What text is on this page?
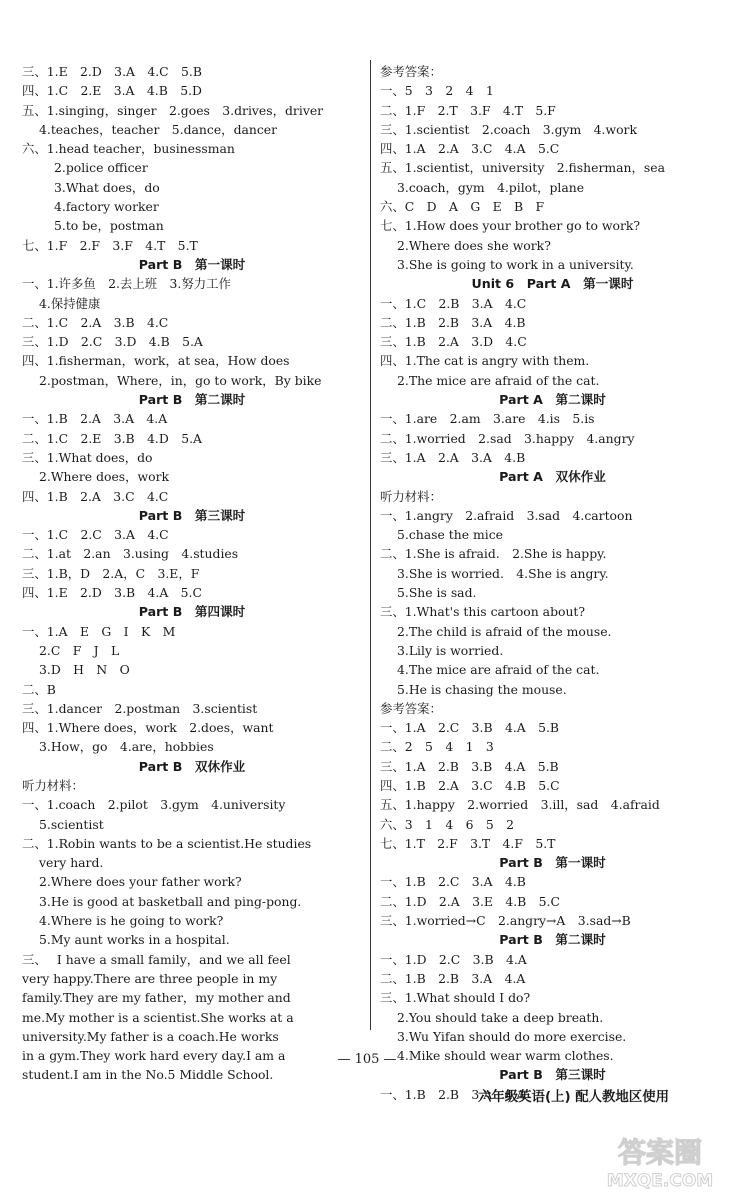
三、1.E　2.D　3.A　4.C　5.B
四、1.C　2.E　3.A　4.B　5.D
五、1.singing，singer　2.goes　3.drives，driver
4.teaches，teacher　5.dance，dancer
六、1.head teacher，businessman
2.police officer
3.What does，do
4.factory worker
5.to be，postman
七、1.F　2.F　3.F　4.T　5.T
Part B　第一课时
一、1.许多鱼　2.去上班　3.努力工作
4.保持健康
二、1.C　2.A　3.B　4.C
三、1.D　2.C　3.D　4.B　5.A
四、1.fisherman，work，at sea，How does
2.postman，Where，in，go to work，By bike
Part B　第二课时
一、1.B　2.A　3.A　4.A
二、1.C　2.E　3.B　4.D　5.A
三、1.What does，do
2.Where does，work
四、1.B　2.A　3.C　4.C
Part B　第三课时
一、1.C　2.C　3.A　4.C
二、1.at　2.an　3.using　4.studies
三、1.B，D　2.A，C　3.E，F
四、1.E　2.D　3.B　4.A　5.C
Part B　第四课时
一、1.A　E　G　I　K　M
2.C　F　J　L
3.D　H　N　O
二、B
三、1.dancer　2.postman　3.scientist
四、1.Where does，work　2.does，want
3.How，go　4.are，hobbies
Part B　双休作业
听力材料：
一、1.coach　2.pilot　3.gym　4.university
5.scientist
二、1.Robin wants to be a scientist.He studies
very hard.
2.Where does your father work?
3.He is good at basketball and ping-pong.
4.Where is he going to work?
5.My aunt works in a hospital.
三、　 I have a small family，and we all feel
very happy.There are three people in my
family.They are my father，my mother and
me.My mother is a scientist.She works at a
university.My father is a coach.He works
in a gym.They work hard every day.I am a
student.I am in the No.5 Middle School.
参考答案：
一、5　3　2　4　1
二、1.F　2.T　3.F　4.T　5.F
三、1.scientist　2.coach　3.gym　4.work
四、1.A　2.A　3.C　4.A　5.C
五、1.scientist，university　2.fisherman，sea
3.coach，gym　4.pilot，plane
六、C　D　A　G　E　B　F
七、1.How does your brother go to work?
2.Where does she work?
3.She is going to work in a university.
Unit 6　Part A　第一课时
一、1.C　2.B　3.A　4.C
二、1.B　2.B　3.A　4.B
三、1.B　2.A　3.D　4.C
四、1.The cat is angry with them.
2.The mice are afraid of the cat.
Part A　第二课时
一、1.are　2.am　3.are　4.is　5.is
二、1.worried　2.sad　3.happy　4.angry
三、1.A　2.A　3.A　4.B
Part A　双休作业
听力材料：
一、1.angry　2.afraid　3.sad　4.cartoon
5.chase the mice
二、1.She is afraid.　2.She is happy.
3.She is worried.　4.She is angry.
5.She is sad.
三、1.What's this cartoon about?
2.The child is afraid of the mouse.
3.Lily is worried.
4.The mice are afraid of the cat.
5.He is chasing the mouse.
参考答案：
一、1.A　2.C　3.B　4.A　5.B
二、2　5　4　1　3
三、1.A　2.B　3.B　4.A　5.B
四、1.B　2.A　3.C　4.B　5.C
五、1.happy　2.worried　3.ill，sad　4.afraid
六、3　1　4　6　5　2
七、1.T　2.F　3.T　4.F　5.T
Part B　第一课时
一、1.B　2.C　3.A　4.B
二、1.D　2.A　3.E　4.B　5.C
三、1.worried→C　2.angry→A　3.sad→B
Part B　第二课时
一、1.D　2.C　3.B　4.A
二、1.B　2.B　3.A　4.A
三、1.What should I do?
2.You should take a deep breath.
3.Wu Yifan should do more exercise.
4.Mike should wear warm clothes.
Part B　第三课时
一、1.B　2.B　3.A　4.A
— 105 —
六年级英语(上) 配人教地区使用
答案圈
MXQE.COM
